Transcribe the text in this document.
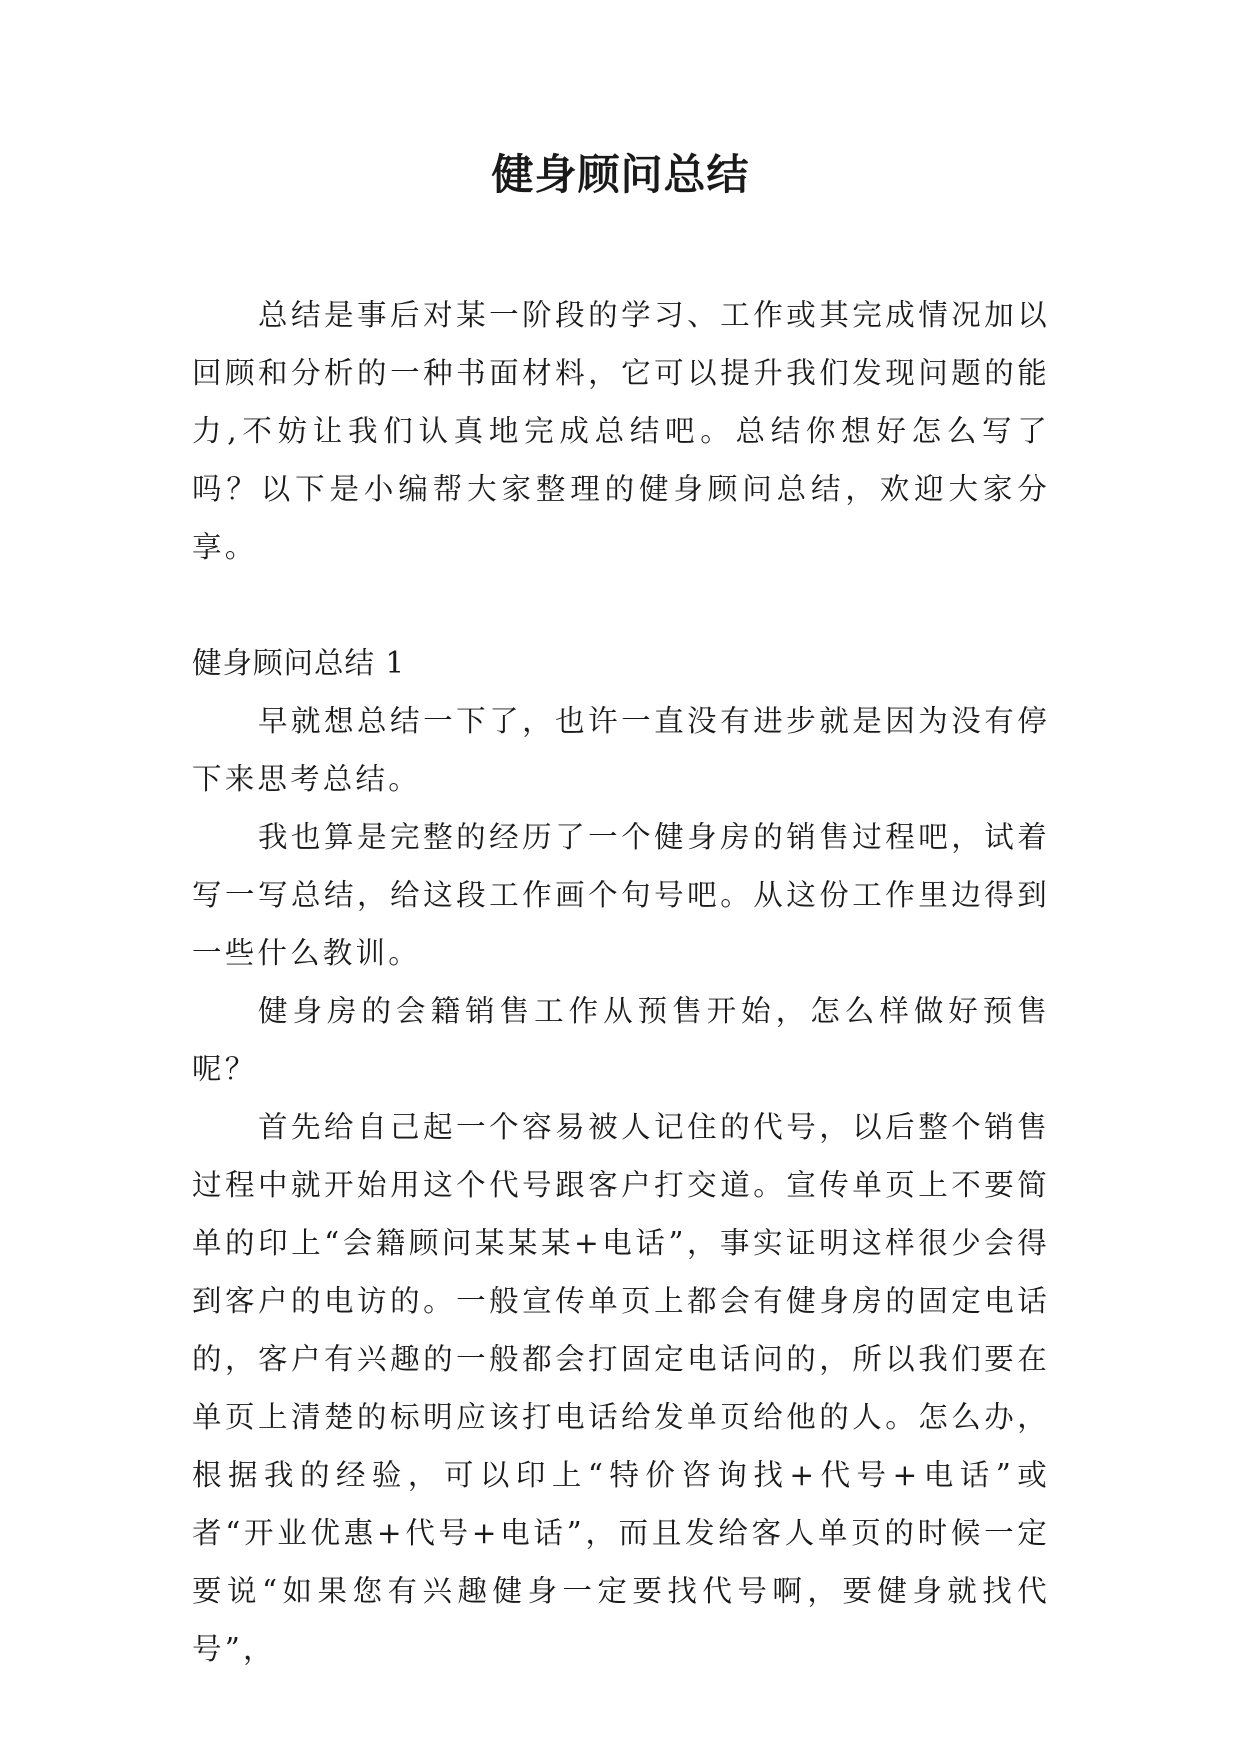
健身顾问总结

总结是事后对某一阶段的学习、工作或其完成情况加以回顾和分析的一种书面材料，它可以提升我们发现问题的能力,不妨让我们认真地完成总结吧。总结你想好怎么写了吗？以下是小编帮大家整理的健身顾问总结，欢迎大家分享。

健身顾问总结 1

早就想总结一下了，也许一直没有进步就是因为没有停下来思考总结。

我也算是完整的经历了一个健身房的销售过程吧，试着写一写总结，给这段工作画个句号吧。从这份工作里边得到一些什么教训。

健身房的会籍销售工作从预售开始，怎么样做好预售呢？

首先给自己起一个容易被人记住的代号，以后整个销售过程中就开始用这个代号跟客户打交道。宣传单页上不要简单的印上“会籍顾问某某某+电话”，事实证明这样很少会得到客户的电访的。一般宣传单页上都会有健身房的固定电话的，客户有兴趣的一般都会打固定电话问的，所以我们要在单页上清楚的标明应该打电话给发单页给他的人。怎么办，根据我的经验，可以印上“特价咨询找+代号+电话”或者“开业优惠+代号+电话”，而且发给客人单页的时候一定要说“如果您有兴趣健身一定要找代号啊，要健身就找代号”，
